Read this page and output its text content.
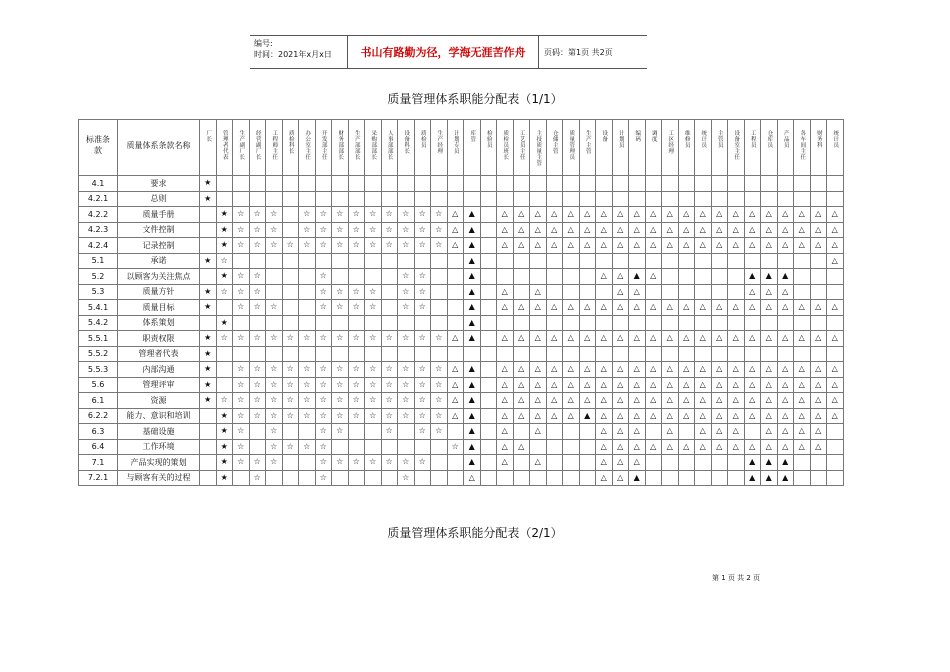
编号:
时间：2021年x月x日	书山有路勤为径，学海无涯苦作舟	页码：第1页 共2页
质量管理体系职能分配表（1/1）
标准条款	质量体系条款名称	厂长	管理者代表	生产副厂长	经营副厂长	工程师主任	质检科长	办公室主任	开发部主任	财务部部长	生产部部长	采购部部长	人事部部长	设备科长	质检员	生产经理	计划专员	库管	检验员	质检员班长	工艺员主任	主技质量主管	仓储主管	质量管理员	生产主管	设备	计划员	编码	调度	工区经理	维修员	统计员	主管员	设备室主任	工程员	仓库员	产品员	各车间主任	财务科	统计员
4.1	要求	★																																						
4.2.1	总则	★																																						
4.2.2	质量手册		★	☆	☆	☆		☆	☆	☆	☆	☆	☆	☆	☆	☆	△	▲		△	△	△	△	△	△	△	△	△	△	△	△	△	△	△	△	△	△	△	△	△
4.2.3	文件控制		★	☆	☆	☆		☆	☆	☆	☆	☆	☆	☆	☆	☆	△	▲		△	△	△	△	△	△	△	△	△	△	△	△	△	△	△	△	△	△	△	△	△
4.2.4	记录控制		★	☆	☆	☆	☆	☆	☆	☆	☆	☆	☆	☆	☆	☆	△	▲		△	△	△	△	△	△	△	△	△	△	△	△	△	△	△	△	△	△	△	△	△
5.1	承诺	★	☆															▲																						△
5.2	以顾客为关注焦点		★	☆	☆				☆					☆	☆			▲								△	△	▲	△						▲	▲	▲			
5.3	质量方针	★	☆	☆	☆				☆	☆	☆	☆		☆	☆			▲		△		△					△	△							△	△	△			
5.4.1	质量目标	★		☆	☆	☆			☆	☆	☆	☆		☆	☆			▲		△	△	△	△	△	△	△	△	△	△	△	△	△	△	△	△	△	△	△	△	△
5.4.2	体系策划		★															▲																						
5.5.1	职责权限	★	☆	☆	☆	☆	☆	☆	☆	☆	☆	☆	☆	☆	☆	☆	△	▲		△	△	△	△	△	△	△	△	△	△	△	△	△	△	△	△	△	△	△	△	△
5.5.2	管理者代表	★																																						
5.5.3	内部沟通	★		☆	☆	☆	☆	☆	☆	☆	☆	☆	☆	☆	☆	☆	△	▲		△	△	△	△	△	△	△	△	△	△	△	△	△	△	△	△	△	△	△	△	△
5.6	管理评审	★		☆	☆	☆	☆	☆	☆	☆	☆	☆	☆	☆	☆	☆	△	▲		△	△	△	△	△	△	△	△	△	△	△	△	△	△	△	△	△	△	△	△	△
6.1	资源	★	☆	☆	☆	☆	☆	☆	☆	☆	☆	☆	☆	☆	☆	☆	△	▲		△	△	△	△	△	△	△	△	△	△	△	△	△	△	△	△	△	△	△	△	△
6.2.2	能力、意识和培训		★	☆	☆	☆	☆	☆	☆	☆	☆	☆	☆	☆	☆	☆	△	▲		△	△	△	△	△	▲	△	△	△	△	△	△	△	△	△	△	△	△	△	△	△
6.3	基础设施		★	☆		☆			☆	☆			☆		☆	☆		▲		△		△				△	△	△		△		△	△	△		△	△	△	△	
6.4	工作环境		★	☆		☆	☆	☆	☆								☆	▲		△	△					△	△	△	△	△	△	△	△	△	△	△	△	△	△	
7.1	产品实现的策划		★	☆	☆	☆			☆	☆	☆	☆	☆	☆	☆			▲		△		△				△	△	△							▲	▲	▲			
7.2.1	与顾客有关的过程		★		☆				☆					☆				△								△	△	▲							▲	▲	▲			
质量管理体系职能分配表（2/1）
第 1 页 共 2 页
